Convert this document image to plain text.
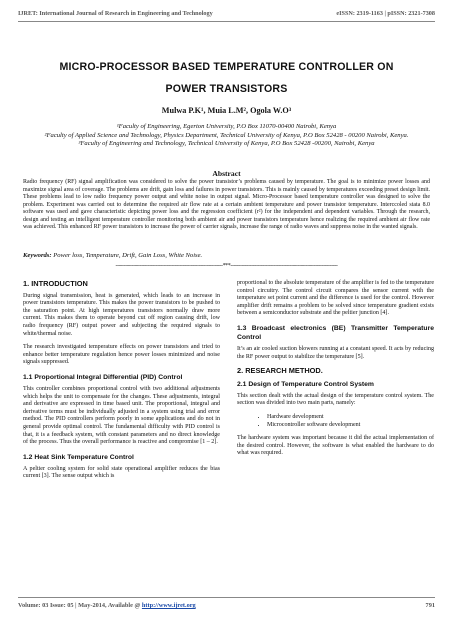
IJRET: International Journal of Research in Engineering and Technology	eISSN: 2319-1163 | pISSN: 2321-7308
MICRO-PROCESSOR BASED TEMPERATURE CONTROLLER ON
POWER TRANSISTORS
Mulwa P.K¹, Muia L.M², Ogola W.O³
¹Faculty of Engineering, Egerton University, P.O Box 11070-00400 Nairobi, Kenya
²Faculty of Applied Science and Technology, Physics Department, Technical University of Kenya, P.O Box 52428 - 00200 Nairobi, Kenya.
³Faculty of Engineering and Technology, Technical University of Kenya, P.O Box 52428 -00200, Nairobi, Kenya
Abstract
Radio frequency (RF) signal amplification was considered to solve the power transistor’s problems caused by temperature. The goal is to minimize power losses and maximize signal area of coverage. The problems are drift, gain loss and failures in power transistors. This is mainly caused by temperatures exceeding preset design limit. These problems lead to low radio frequency power output and white noise in output signal. Micro-Processor based temperature controller was designed to solve the problem. Experiment was carried out to determine the required air flow rate at a certain ambient temperature and power transistor temperature. Interccoled stata 8.0 software was used and gave characteristic depicting power loss and the regression coefficient (r²) for the independent and dependent variables. Through the research, design and testing an intelligent temperature controller monitoring both ambient air and power transistors temperature hence realizing the required ambient air flow rate was achieved. This enhanced RF power transistors to increase the power of carrier signals, increase the range of radio waves and suppress noise in the wanted signals.
Keywords: Power loss, Temperature, Drift, Gain Loss, White Noise.
-------------------------------------------------------------------***-------------------------------------------------------------------
1. INTRODUCTION

During signal transmission, heat is generated, which leads to an increase in power transistors temperature. This makes the power transistors to be pushed to the saturation point. At high temperatures transistors normally draw more current. This makes them to operate beyond cut off region causing drift, low radio frequency (RF) output power and subjecting the required signals to white/thermal noise.

The research investigated temperature effects on power transistors and tried to enhance better temperature regulation hence power losses minimized and noise signals suppressed.

1.1 Proportional Integral Differential (PID) Control

This controller combines proportional control with two additional adjustments which helps the unit to compensate for the changes. These adjustments, integral and derivative are expressed in time based unit. The proportional, integral and derivative terms must be individually adjusted in a system using trial and error method. The PID controllers perform poorly in some applications and do not in general provide optimal control. The fundamental difficulty with PID control is that, it is a feedback system, with constant parameters and no direct knowledge of the process. Thus the overall performance is reactive and compromise [1 – 2].

1.2 Heat Sink Temperature Control

A peltier cooling system for solid state operational amplifier reduces the bias current [3]. The sense output which is

proportional to the absolute temperature of the amplifier is fed to the temperature control circuitry. The control circuit compares the sensor current with the temperature set point current and the difference is used for the control. However amplifier drift remains a problem to be solved since temperature gradient exists between a semiconductor substrate and the peltier junction [4].

1.3 Broadcast electronics (BE) Transmitter Temperature Control

It’s an air cooled suction blowers running at a constant speed. It acts by reducing the RF power output to stabilize the temperature [5].

2. RESEARCH METHOD.
2.1 Design of Temperature Control System

This section dealt with the actual design of the temperature control system. The section was divided into two main parts, namely:

• Hardware development
• Microcontroller software development

The hardware system was important because it did the actual implementation of the desired control. However, the software is what enabled the hardware to do what was required.

Volume: 03 Issue: 05 | May-2014, Available @ http://www.ijret.org	791
